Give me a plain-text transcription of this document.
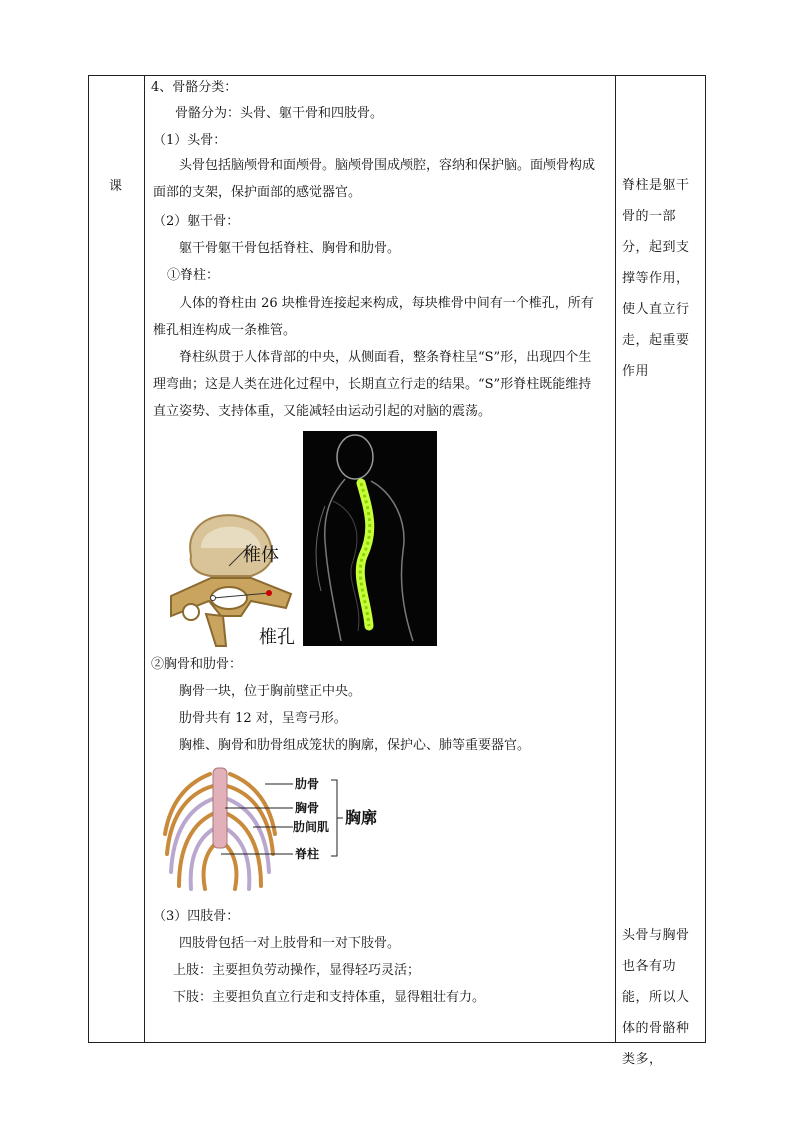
课
4、骨骼分类：
骨骼分为：头骨、躯干骨和四肢骨。
（1）头骨：
头骨包括脑颅骨和面颅骨。脑颅骨围成颅腔，容纳和保护脑。面颅骨构成面部的支架，保护面部的感觉器官。
（2）躯干骨：
躯干骨躯干骨包括脊柱、胸骨和肋骨。
①脊柱：
人体的脊柱由 26 块椎骨连接起来构成，每块椎骨中间有一个椎孔，所有椎孔相连构成一条椎管。
脊柱纵贯于人体背部的中央，从侧面看，整条脊柱呈“S”形，出现四个生理弯曲；这是人类在进化过程中，长期直立行走的结果。“S”形脊柱既能维持直立姿势、支持体重，又能减轻由运动引起的对脑的震荡。
椎体
椎孔
②胸骨和肋骨：
胸骨一块，位于胸前壁正中央。
肋骨共有 12 对，呈弯弓形。
胸椎、胸骨和肋骨组成笼状的胸廓，保护心、肺等重要器官。
肋骨
胸骨
肋间肌
脊柱
胸廓
（3）四肢骨：
四肢骨包括一对上肢骨和一对下肢骨。
上肢：主要担负劳动操作，显得轻巧灵活；
下肢：主要担负直立行走和支持体重，显得粗壮有力。
脊柱是躯干骨的一部分，起到支撑等作用，使人直立行走，起重要作用
头骨与胸骨也各有功能，所以人体的骨骼种类多，
